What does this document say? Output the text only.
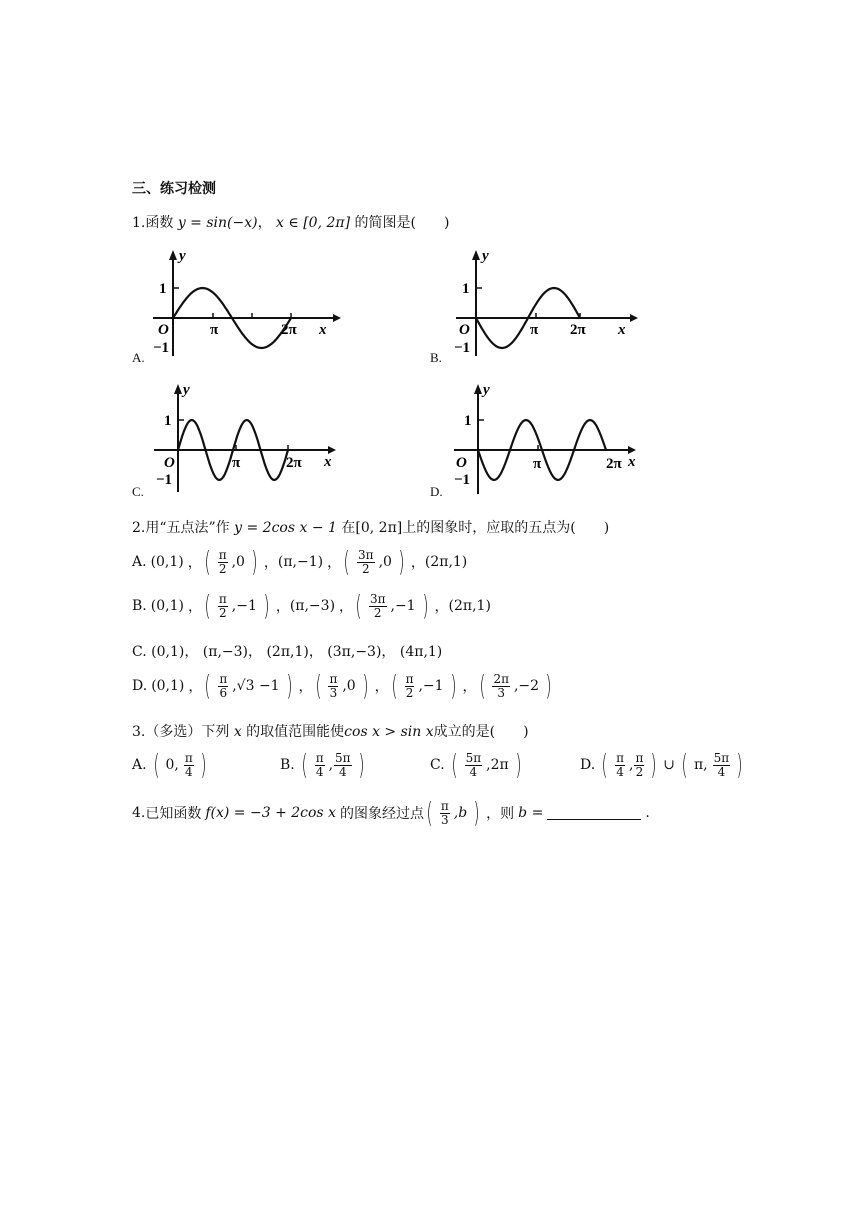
三、练习检测
1.函数 y = sin(−x)， x ∈ [0, 2π] 的简图是(　　)
y
1
−1
O	π	2π x
A.
y
1
−1
O	π 2π x
B.
y
1
−1
O	π	2π x
C.
y
1
−1
O	π	2π x
D.
2.用“五点法”作 y = 2cos x − 1 在[0, 2π]上的图象时，应取的五点为(　　)
A. (0,1) ， ( $\frac{\pi}{2} ,0$ ) ， (π,−1) ， ( $\frac{3\pi}{2} ,0$ ) ， (2π,1)
B. (0,1) ， ( $\frac{\pi}{2} ,-1$ ) ， (π,−3) ， ( $\frac{3\pi}{2} ,-1$ ) ， (2π,1)
C. (0,1)， (π,−3)， (2π,1)， (3π,−3)， (4π,1)
D. (0,1) ， ( $\frac{\pi}{6} ,√3 -1$ ) ， ( $\frac{\pi}{3} ,0$ ) ， ( $\frac{\pi}{2} ,-1$ ) ， ( $\frac{2\pi}{3} ,-2$ )
3.（多选）下列 x 的取值范围能使cos x > sin x成立的是(　　)
A. ( 0, $\frac{\pi}{4}$ )	B. ( $\frac{\pi}{4}$ , $\frac{5\pi}{4}$ )	C. ( $\frac{5\pi}{4} ,2\pi$ )	D. ( $\frac{\pi}{4}$ , $\frac{\pi}{2}$ ) ∪ ( π, $\frac{5\pi}{4}$ )
4. 已知函数 f(x) = −3 + 2cos x 的图象经过点 ( $\frac{\pi}{3} ,b$ ) ，则 b =	.
